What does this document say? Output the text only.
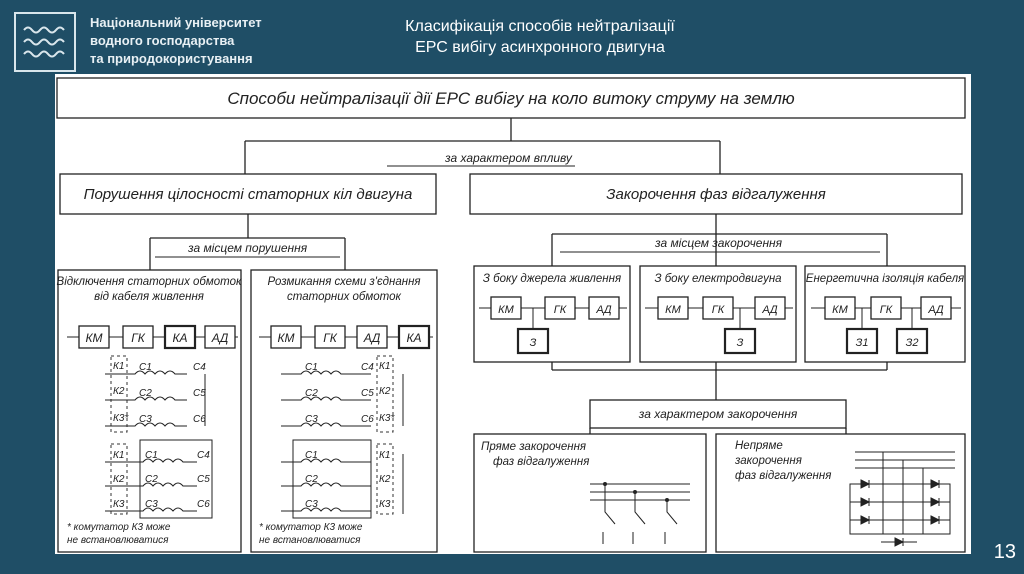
Національний університет
водного господарства
та природокористування
Класифікація способів нейтралізації
ЕРС вибігу асинхронного двигуна
Способи нейтралізації дії ЕРС вибігу на коло витоку струму на землю
за характером впливу
Порушення цілосності статорних кіл двигуна	Закорочення фаз відгалуження
за місцем порушення	за місцем закорочення
Відключення статорних обмоток
від кабеля живлення
КМ ГК КА АД
К1
К2
К3*
С1
С2
С3
С4
С5
С6
К1
К2
К3
С1
С2
С3
С4
С5
С6
* комутатор К3 може
не встановлюватися
Розмикання схеми з'єднання
статорних обмоток
КМ ГК АД КА
С1
С2
С3
С4
С5
С6
К1
К2
К3*
С1
С2
С3
К1
К2
К3
* комутатор К3 може
не встановлюватися
З боку джерела живлення
КМ	ГК	АД
З
З боку електродвигуна
КМ	ГК	АД
З
Енергетична ізоляція кабеля
КМ	ГК	АД
З1	З2
за характером закорочення
Пряме закорочення
фаз відгалуження
Непряме
закорочення
фаз відгалуження
13
